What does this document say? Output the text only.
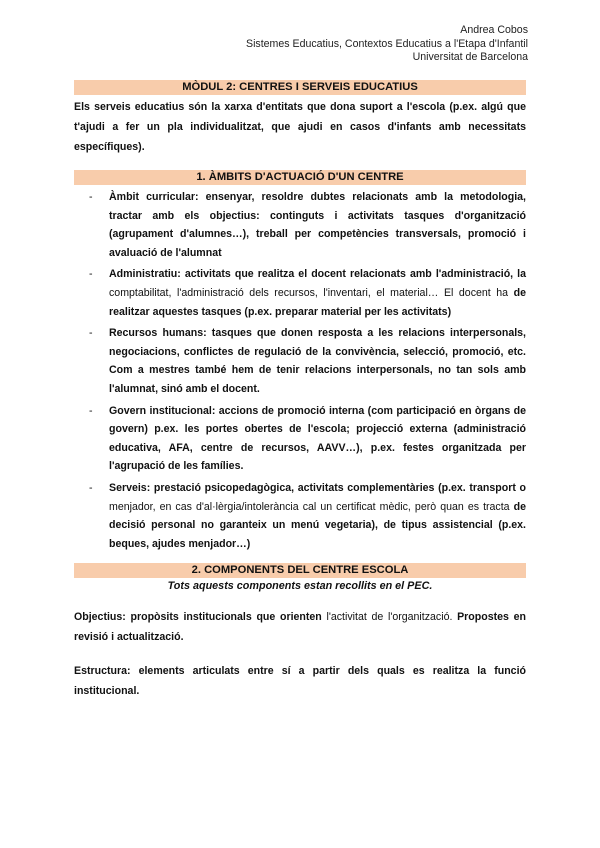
Andrea Cobos
Sistemes Educatius, Contextos Educatius a l'Etapa d'Infantil
Universitat de Barcelona
MÒDUL 2: CENTRES I SERVEIS EDUCATIUS

Els serveis educatius són la xarxa d'entitats que dona suport a l'escola (p.ex. algú que t'ajudi a fer un pla individualitzat, que ajudi en casos d'infants amb necessitats específiques).

1. ÀMBITS D'ACTUACIÓ D'UN CENTRE
- Àmbit curricular: ensenyar, resoldre dubtes relacionats amb la metodologia, tractar amb els objectius: continguts i activitats tasques d'organització (agrupament d'alumnes…), treball per competències transversals, promoció i avaluació de l'alumnat
- Administratiu: activitats que realitza el docent relacionats amb l'administració, la comptabilitat, l'administració dels recursos, l'inventari, el material… El docent ha de realitzar aquestes tasques (p.ex. preparar material per les activitats)
- Recursos humans: tasques que donen resposta a les relacions interpersonals, negociacions, conflictes de regulació de la convivència, selecció, promoció, etc. Com a mestres també hem de tenir relacions interpersonals, no tan sols amb l'alumnat, sinó amb el docent.
- Govern institucional: accions de promoció interna (com participació en òrgans de govern) p.ex. les portes obertes de l'escola; projecció externa (administració educativa, AFA, centre de recursos, AAVV…), p.ex. festes organitzada per l'agrupació de les famílies.
- Serveis: prestació psicopedagògica, activitats complementàries (p.ex. transport o menjador, en cas d'al·lèrgia/intolerància cal un certificat mèdic, però quan es tracta de decisió personal no garanteix un menú vegetaria), de tipus assistencial (p.ex. beques, ajudes menjador…)
2. COMPONENTS DEL CENTRE ESCOLA

Tots aquests components estan recollits en el PEC.

Objectius: propòsits institucionals que orienten l'activitat de l'organització. Propostes en revisió i actualització.

Estructura: elements articulats entre sí a partir dels quals es realitza la funció institucional.
